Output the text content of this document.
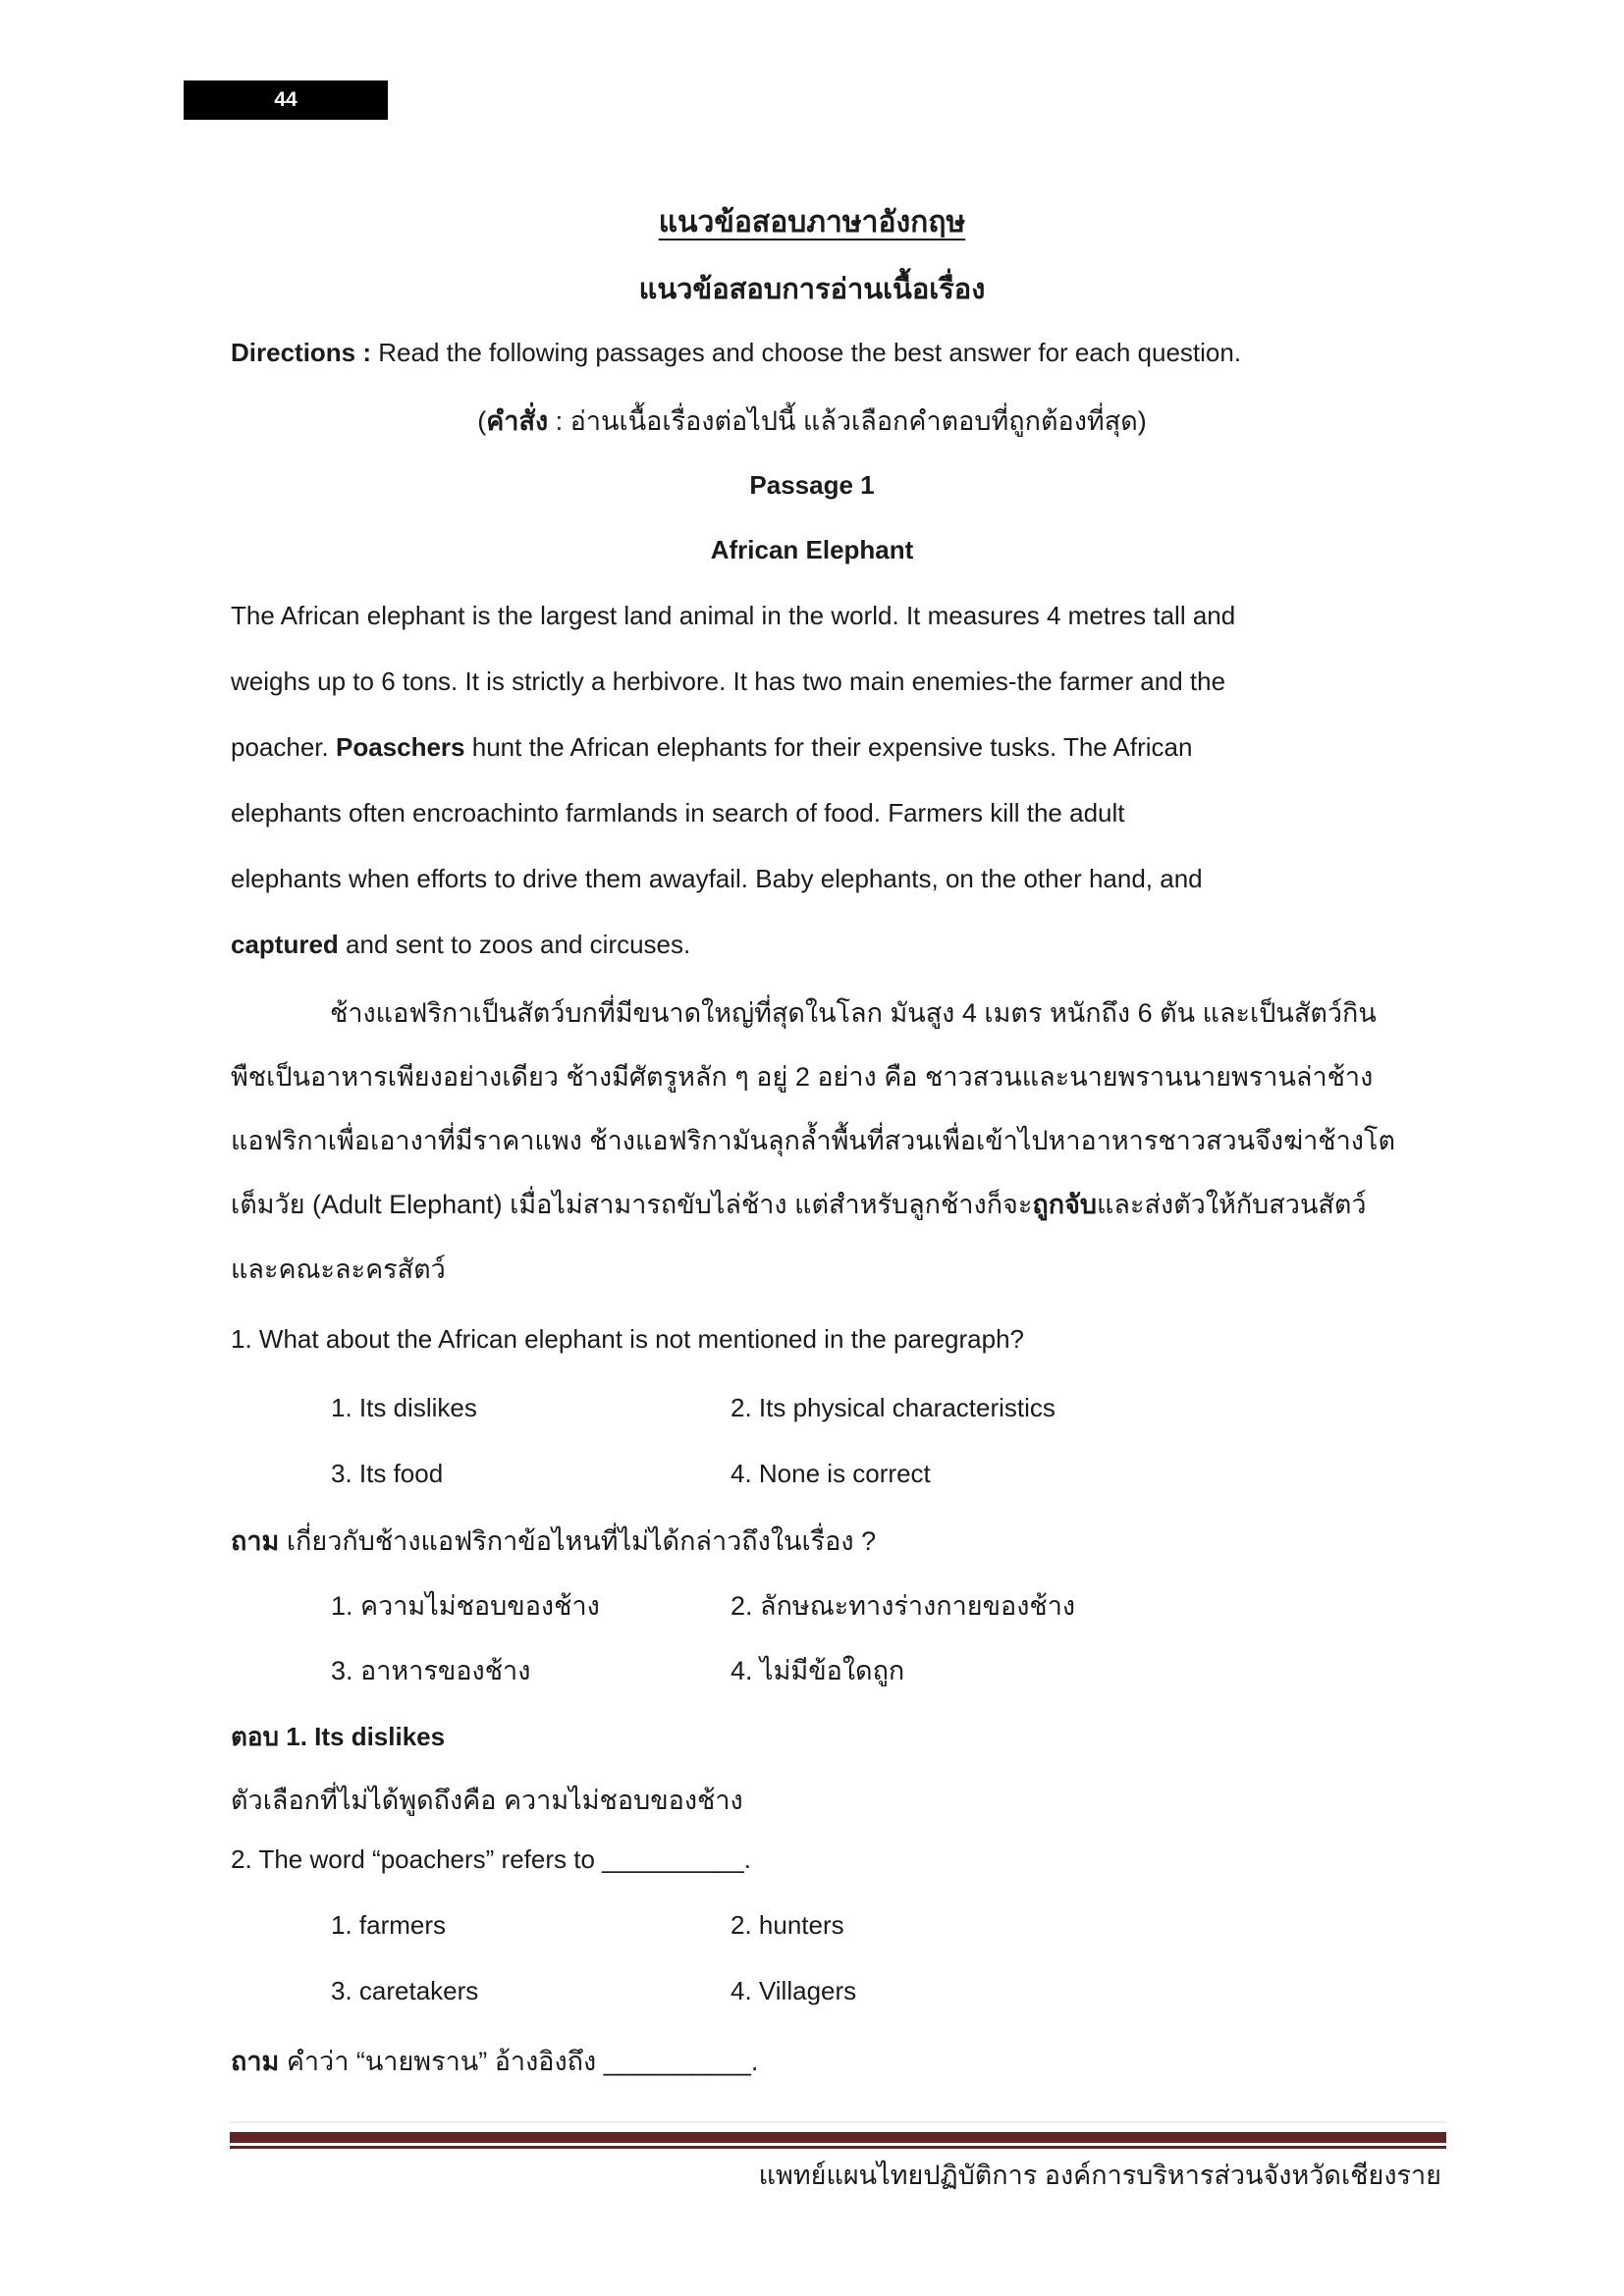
44
แนวข้อสอบภาษาอังกฤษ
แนวข้อสอบการอ่านเนื้อเรื่อง
Directions : Read the following passages and choose the best answer for each question.
(คำสั่ง : อ่านเนื้อเรื่องต่อไปนี้ แล้วเลือกคำตอบที่ถูกต้องที่สุด)
Passage 1
African Elephant
The African elephant is the largest land animal in the world. It measures 4 metres tall and
weighs up to 6 tons. It is strictly a herbivore. It has two main enemies-the farmer and the
poacher. Poaschers hunt the African elephants for their expensive tusks. The African
elephants often encroachinto farmlands in search of food. Farmers kill the adult
elephants when efforts to drive them awayfail. Baby elephants, on the other hand, and
captured and sent to zoos and circuses.
ช้างแอฟริกาเป็นสัตว์บกที่มีขนาดใหญ่ที่สุดในโลก มันสูง 4 เมตร หนักถึง 6 ตัน และเป็นสัตว์กิน
พืชเป็นอาหารเพียงอย่างเดียว ช้างมีศัตรูหลัก ๆ อยู่ 2 อย่าง คือ ชาวสวนและนายพรานนายพรานล่าช้าง
แอฟริกาเพื่อเอางาที่มีราคาแพง ช้างแอฟริกามันลุกล้ำพื้นที่สวนเพื่อเข้าไปหาอาหารชาวสวนจึงฆ่าช้างโต
เต็มวัย (Adult Elephant) เมื่อไม่สามารถขับไล่ช้าง แต่สำหรับลูกช้างก็จะถูกจับและส่งตัวให้กับสวนสัตว์
และคณะละครสัตว์
1. What about the African elephant is not mentioned in the paregraph?
1. Its dislikes	2. Its physical characteristics
3. Its food	4. None is correct
ถาม เกี่ยวกับช้างแอฟริกาข้อไหนที่ไม่ได้กล่าวถึงในเรื่อง ?
1. ความไม่ชอบของช้าง	2. ลักษณะทางร่างกายของช้าง
3. อาหารของช้าง	4. ไม่มีข้อใดถูก
ตอบ 1. Its dislikes
ตัวเลือกที่ไม่ได้พูดถึงคือ ความไม่ชอบของช้าง
2. The word “poachers” refers to __________.
1. farmers	2. hunters
3. caretakers	4. Villagers
ถาม คำว่า “นายพราน” อ้างอิงถึง __________.
แพทย์แผนไทยปฏิบัติการ องค์การบริหารส่วนจังหวัดเชียงราย
